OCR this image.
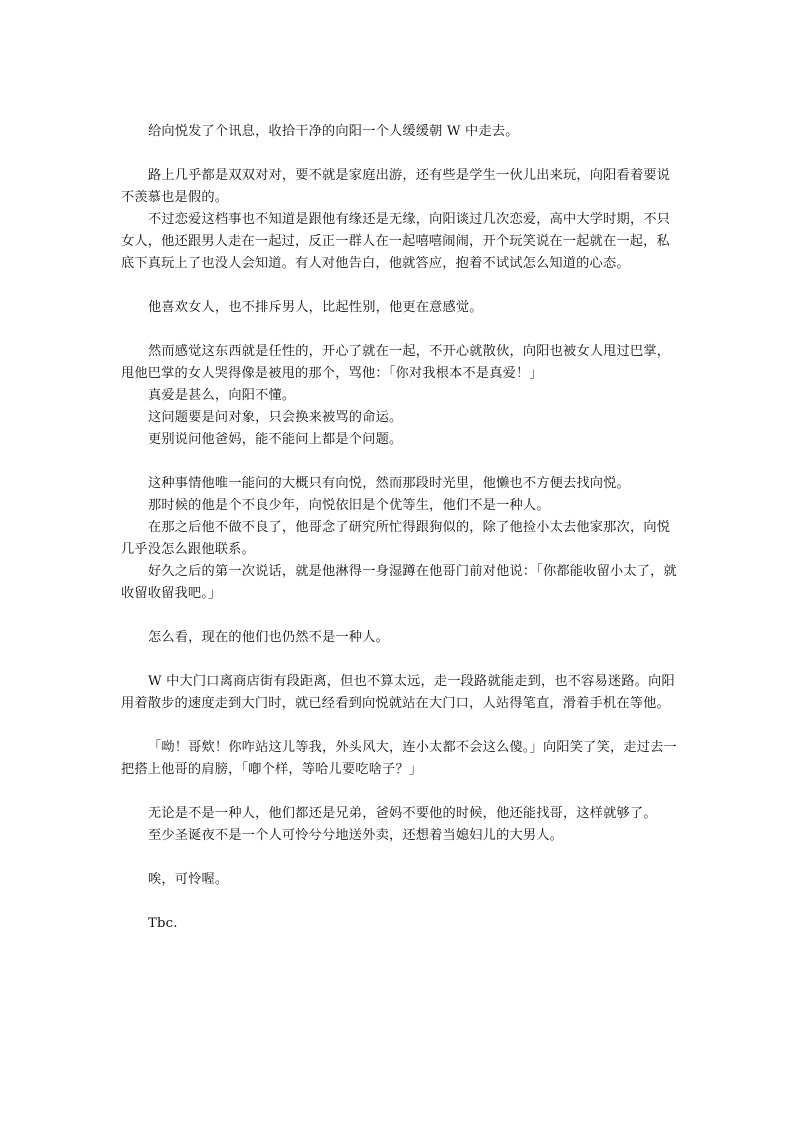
给向悦发了个讯息，收拾干净的向阳一个人缓缓朝 W 中走去。

路上几乎都是双双对对，要不就是家庭出游，还有些是学生一伙儿出来玩，向阳看着要说不羡慕也是假的。

不过恋爱这档事也不知道是跟他有缘还是无缘，向阳谈过几次恋爱，高中大学时期，不只女人，他还跟男人走在一起过，反正一群人在一起嘻嘻闹闹，开个玩笑说在一起就在一起，私底下真玩上了也没人会知道。有人对他告白，他就答应，抱着不试试怎么知道的心态。

他喜欢女人，也不排斥男人，比起性别，他更在意感觉。

然而感觉这东西就是任性的，开心了就在一起，不开心就散伙，向阳也被女人甩过巴掌，甩他巴掌的女人哭得像是被甩的那个，骂他：「你对我根本不是真爱！」

真爱是甚么，向阳不懂。

这问题要是问对象，只会换来被骂的命运。

更别说问他爸妈，能不能问上都是个问题。

这种事情他唯一能问的大概只有向悦，然而那段时光里，他懒也不方便去找向悦。

那时候的他是个不良少年，向悦依旧是个优等生，他们不是一种人。

在那之后他不做不良了，他哥念了研究所忙得跟狗似的，除了他捡小太去他家那次，向悦几乎没怎么跟他联系。

好久之后的第一次说话，就是他淋得一身湿蹲在他哥门前对他说：「你都能收留小太了，就收留收留我吧。」

怎么看，现在的他们也仍然不是一种人。

W 中大门口离商店街有段距离，但也不算太远，走一段路就能走到，也不容易迷路。向阳用着散步的速度走到大门时，就已经看到向悦就站在大门口，人站得笔直，滑着手机在等他。

「呦！哥欸！你咋站这儿等我，外头风大，连小太都不会这么傻。」向阳笑了笑，走过去一把搭上他哥的肩膀，「喞个样，等哈儿要吃啥子？」

无论是不是一种人，他们都还是兄弟，爸妈不要他的时候，他还能找哥，这样就够了。

至少圣诞夜不是一个人可怜兮兮地送外卖，还想着当媳妇儿的大男人。

唉，可怜喔。

Tbc.
